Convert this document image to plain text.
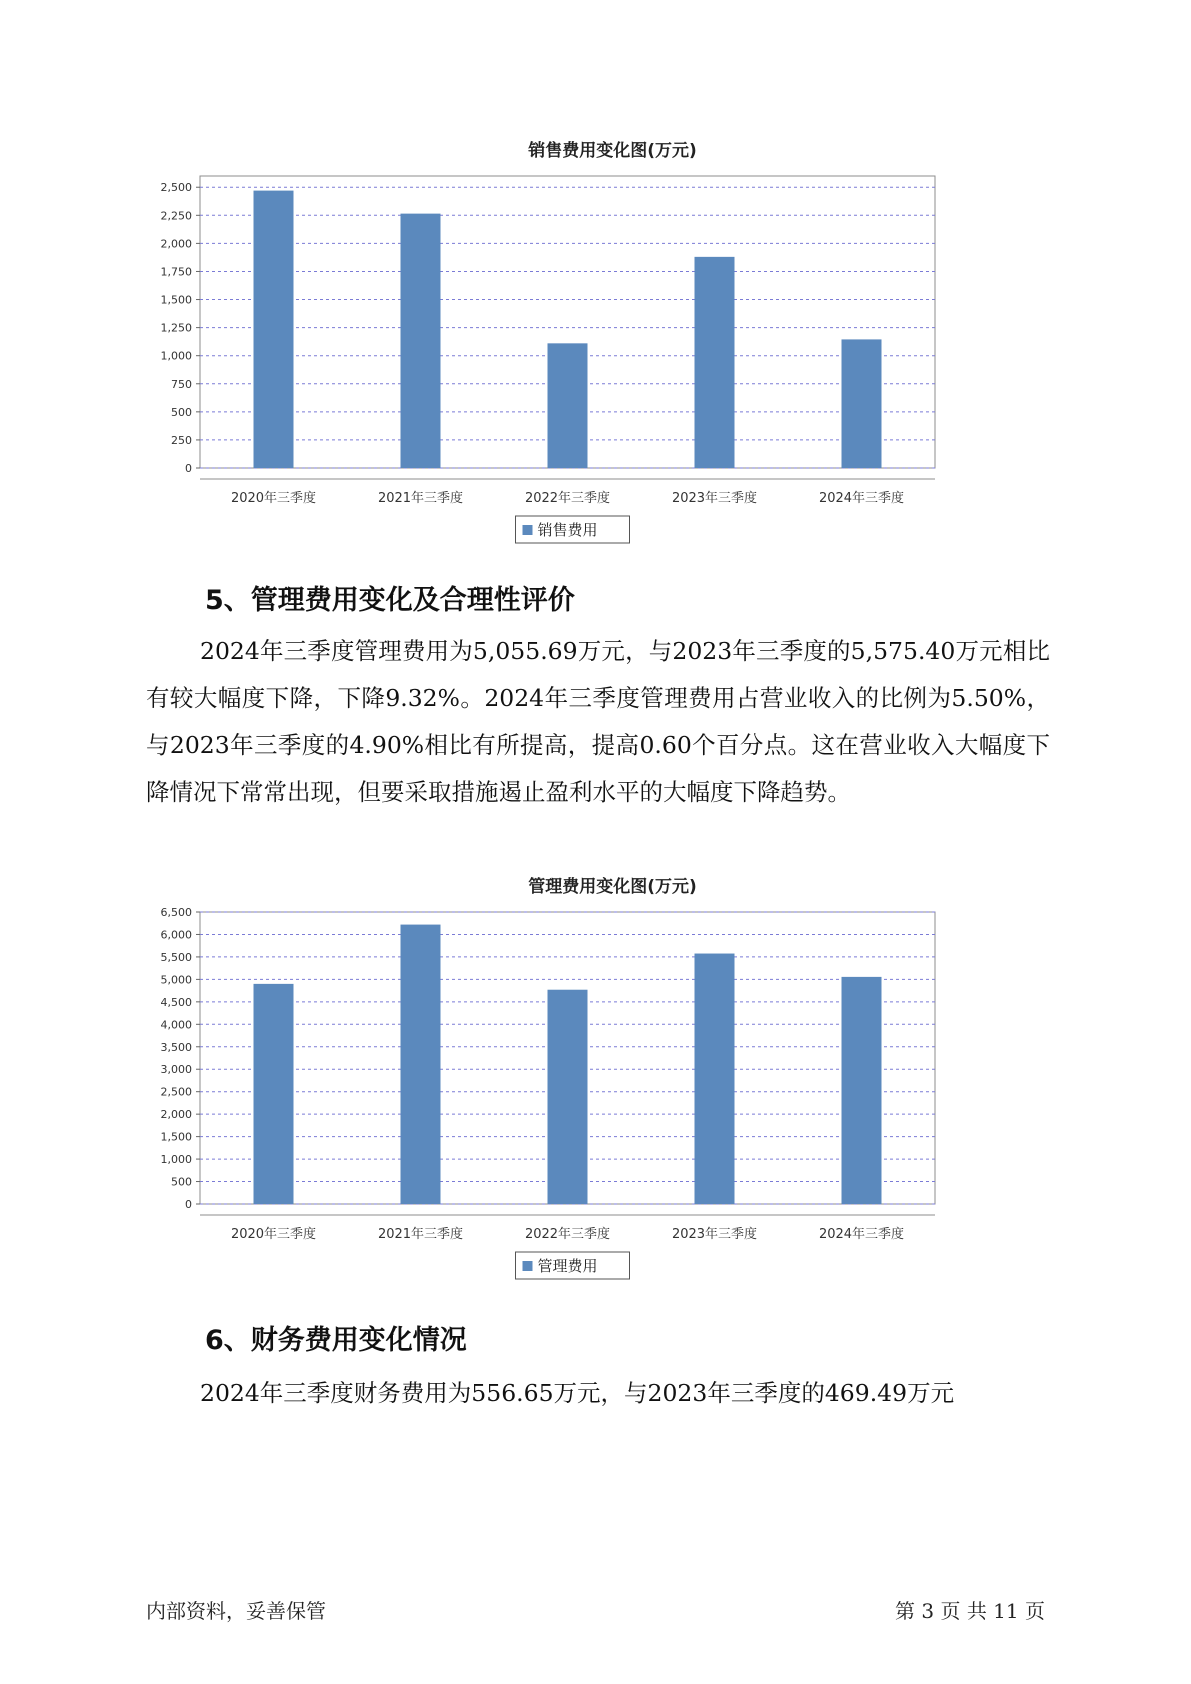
销售费用变化图(万元)
0
250
500
750
1,000
1,250
1,500
1,750
2,000
2,250
2,500
2020年三季度	2021年三季度	2022年三季度	2023年三季度	2024年三季度
销售费用
5、管理费用变化及合理性评价

2024年三季度管理费用为5,055.69万元，与2023年三季度的5,575.40万元相比有较大幅度下降，下降9.32%。2024年三季度管理费用占营业收入的比例为5.50%，与2023年三季度的4.90%相比有所提高，提高0.60个百分点。这在营业收入大幅度下降情况下常常出现，但要采取措施遏止盈利水平的大幅度下降趋势。

管理费用变化图(万元)
0
500
1,000
1,500
2,000
2,500
3,000
3,500
4,000
4,500
5,000
5,500
6,000
6,500
2020年三季度	2021年三季度	2022年三季度	2023年三季度	2024年三季度
管理费用
6、财务费用变化情况

2024年三季度财务费用为556.65万元，与2023年三季度的469.49万元

内部资料，妥善保管	第 3 页 共 11 页
